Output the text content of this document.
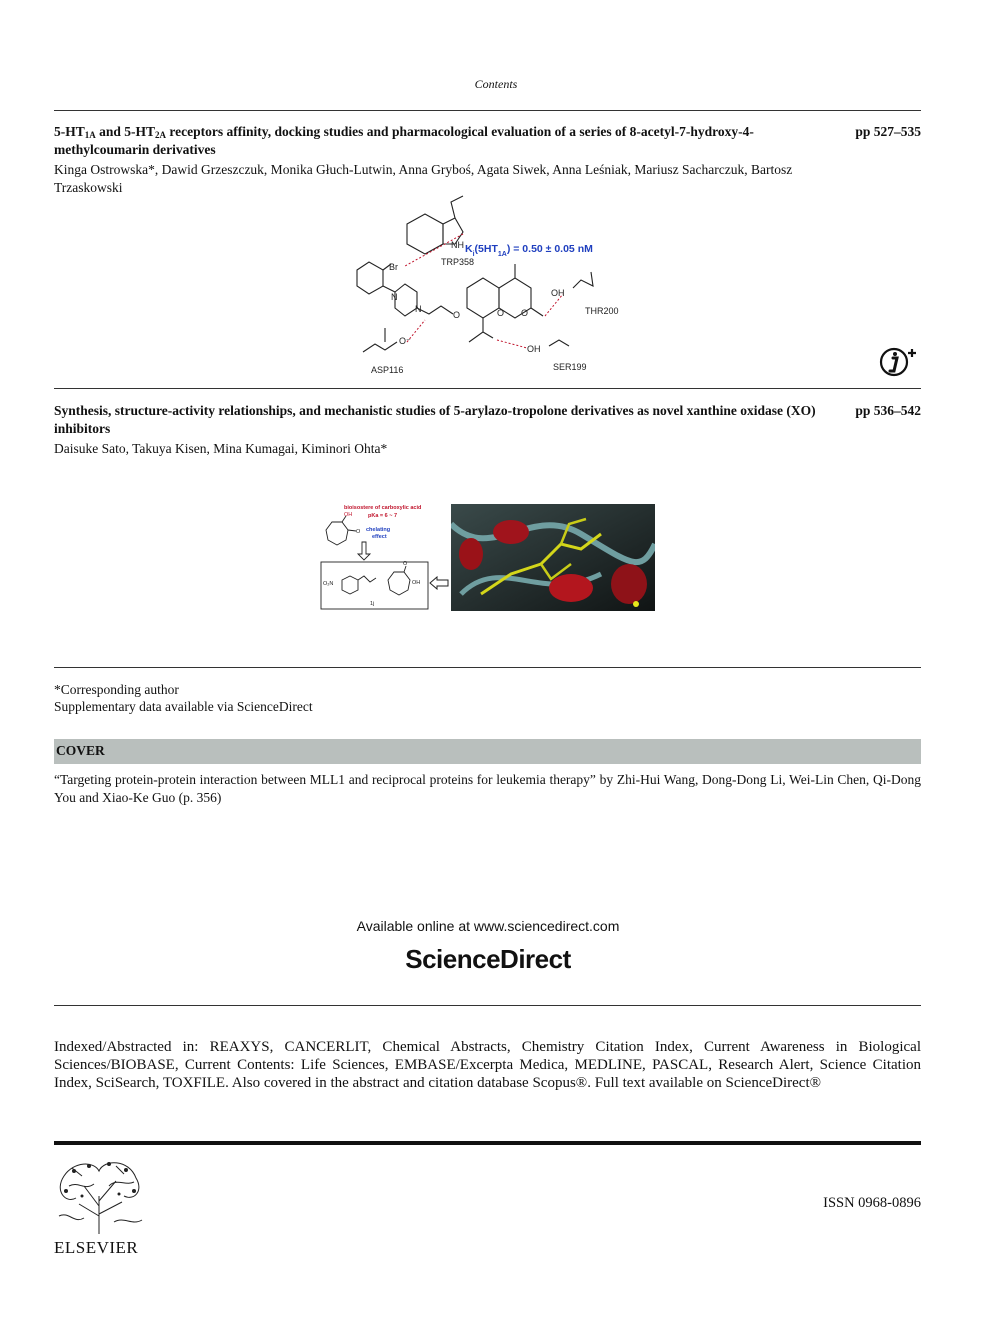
Contents
$5-HT_{1A}$ and $5-HT_{2A}$ receptors affinity, docking studies and pharmacological evaluation of a series of 8-acetyl-7-hydroxy-4-methylcoumarin derivatives
pp 527–535
Kinga Ostrowska*, Dawid Grzeszczuk, Monika Głuch-Lutwin, Anna Gryboś, Agata Siwek, Anna Leśniak, Mariusz Sacharczuk, Bartosz Trzaskowski
NH
TRP358
Br
N
N
O	O O
OH
THR200
OH
SER199
ASP116
O⁻
$K_i(5HT_{1A}) = 0.50 \pm 0.05$ nM
Synthesis, structure-activity relationships, and mechanistic studies of 5-arylazo-tropolone derivatives as novel xanthine oxidase (XO) inhibitors
pp 536–542
Daisuke Sato, Takuya Kisen, Mina Kumagai, Kiminori Ohta*
bioisostere of carboxylic acid
pKa = 6 ~ 7
chelating
effect
OH
O
O₂N
1j
OH
O
*Corresponding author
Supplementary data available via ScienceDirect
COVER
“Targeting protein-protein interaction between MLL1 and reciprocal proteins for leukemia therapy” by Zhi-Hui Wang, Dong-Dong Li, Wei-Lin Chen, Qi-Dong You and Xiao-Ke Guo (p. 356)
Available online at www.sciencedirect.com
ScienceDirect
Indexed/Abstracted in: REAXYS, CANCERLIT, Chemical Abstracts, Chemistry Citation Index, Current Awareness in Biological Sciences/BIOBASE, Current Contents: Life Sciences, EMBASE/Excerpta Medica, MEDLINE, PASCAL, Research Alert, Science Citation Index, SciSearch, TOXFILE. Also covered in the abstract and citation database Scopus®. Full text available on ScienceDirect®
ELSEVIER
ISSN 0968-0896
